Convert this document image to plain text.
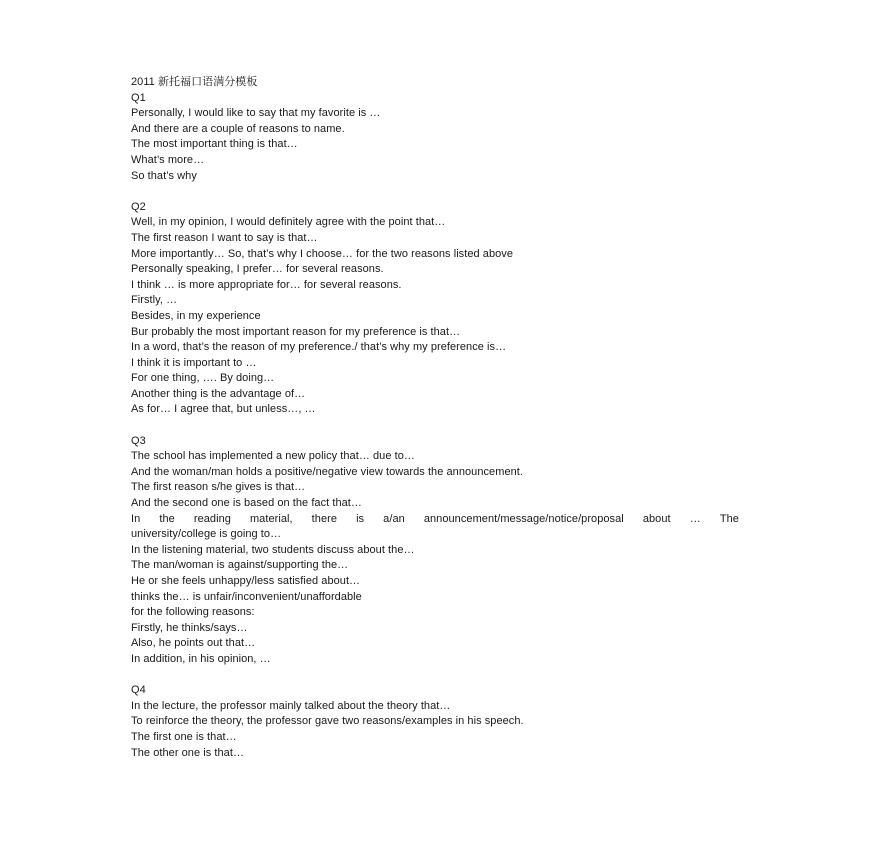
2011 新托福口语满分模板
Q1
Personally, I would like to say that my favorite is …
And there are a couple of reasons to name.
The most important thing is that…
What’s more…
So that’s why
Q2
Well, in my opinion, I would definitely agree with the point that…
The first reason I want to say is that…
More importantly… So, that’s why I choose… for the two reasons listed above
Personally speaking, I prefer… for several reasons.
I think … is more appropriate for… for several reasons.
Firstly, …
Besides, in my experience
Bur probably the most important reason for my preference is that…
In a word, that’s the reason of my preference./ that’s why my preference is…
I think it is important to …
For one thing, …. By doing…
Another thing is the advantage of…
As for… I agree that, but unless…, …
Q3
The school has implemented a new policy that… due to…
And the woman/man holds a positive/negative view towards the announcement.
The first reason s/he gives is that…
And the second one is based on the fact that…
In the reading material, there is a/an announcement/message/notice/proposal about … The
university/college is going to…
In the listening material, two students discuss about the…
The man/woman is against/supporting the…
He or she feels unhappy/less satisfied about…
thinks the… is unfair/inconvenient/unaffordable
for the following reasons:
Firstly, he thinks/says…
Also, he points out that…
In addition, in his opinion, …
Q4
In the lecture, the professor mainly talked about the theory that…
To reinforce the theory, the professor gave two reasons/examples in his speech.
The first one is that…
The other one is that…
